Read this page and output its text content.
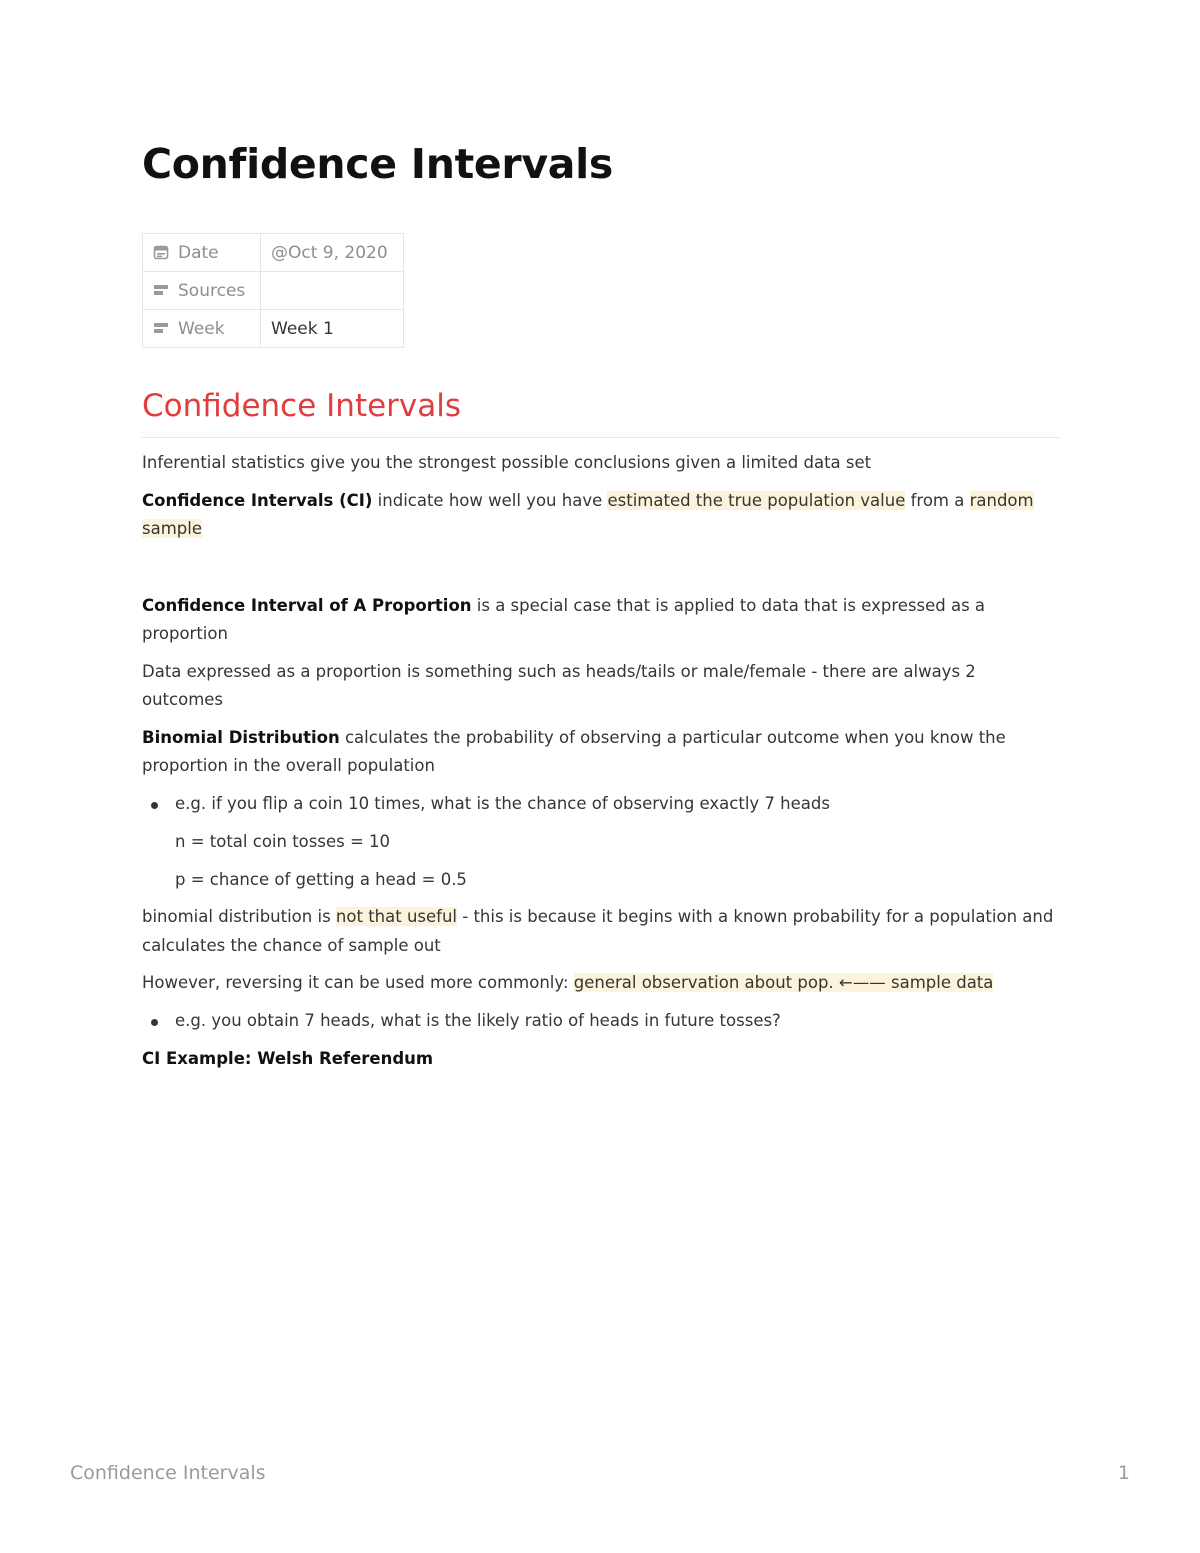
Confidence Intervals
Date	@Oct 9, 2020
Sources	
Week	Week 1
Confidence Intervals

Inferential statistics give you the strongest possible conclusions given a limited data set

Confidence Intervals (CI) indicate how well you have estimated the true population value from a random sample

Confidence Interval of A Proportion is a special case that is applied to data that is expressed as a proportion

Data expressed as a proportion is something such as heads/tails or male/female - there are always 2 outcomes

Binomial Distribution calculates the probability of observing a particular outcome when you know the proportion in the overall population

e.g. if you flip a coin 10 times, what is the chance of observing exactly 7 heads

n = total coin tosses = 10

p = chance of getting a head = 0.5

binomial distribution is not that useful - this is because it begins with a known probability for a population and calculates the chance of sample out

However, reversing it can be used more commonly: general observation about pop. ←—— sample data

e.g. you obtain 7 heads, what is the likely ratio of heads in future tosses?

CI Example: Welsh Referendum

Confidence Intervals	1
